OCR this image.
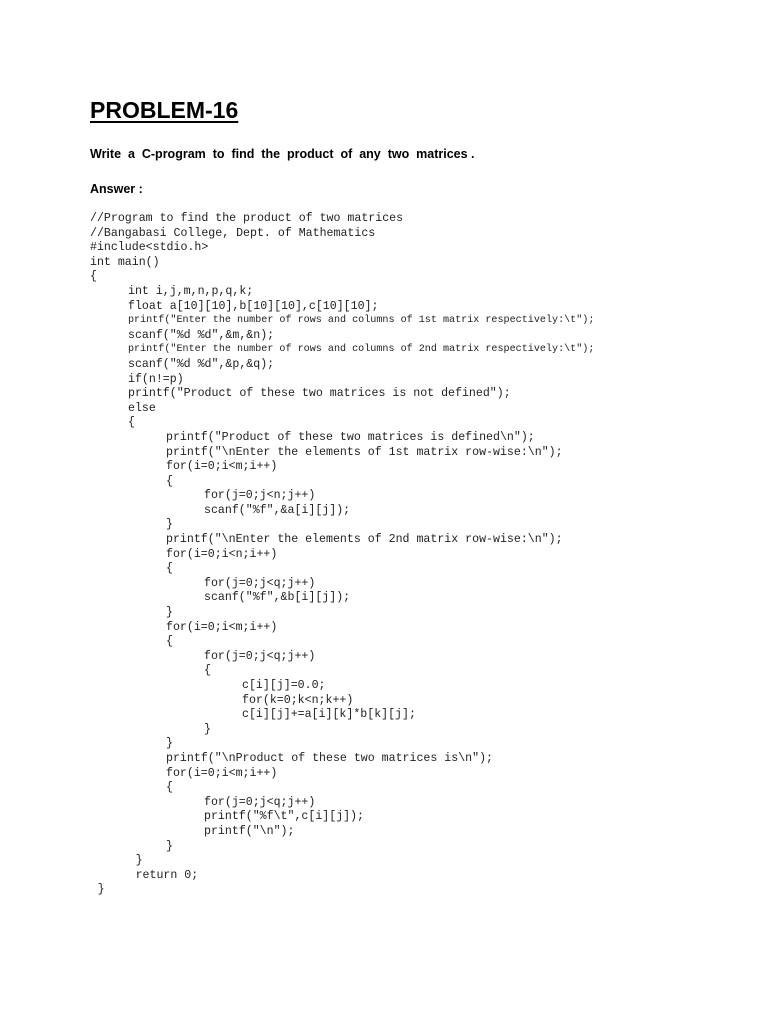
PROBLEM-16

Write  a  C-program  to  find  the  product  of  any  two  matrices .

Answer :

//Program to find the product of two matrices
//Bangabasi College, Dept. of Mathematics
#include<stdio.h>
int main()
{
int i,j,m,n,p,q,k;
float a[10][10],b[10][10],c[10][10];
printf("Enter the number of rows and columns of 1st matrix respectively:\t");
scanf("%d %d",&m,&n);
printf("Enter the number of rows and columns of 2nd matrix respectively:\t");
scanf("%d %d",&p,&q);
if(n!=p)
printf("Product of these two matrices is not defined");
else
{
printf("Product of these two matrices is defined\n");
printf("\nEnter the elements of 1st matrix row-wise:\n");
for(i=0;i<m;i++)
{
for(j=0;j<n;j++)
scanf("%f",&a[i][j]);
}
printf("\nEnter the elements of 2nd matrix row-wise:\n");
for(i=0;i<n;i++)
{
for(j=0;j<q;j++)
scanf("%f",&b[i][j]);
}
for(i=0;i<m;i++)
{
for(j=0;j<q;j++)
{
c[i][j]=0.0;
for(k=0;k<n;k++)
c[i][j]+=a[i][k]*b[k][j];
}
}
printf("\nProduct of these two matrices is\n");
for(i=0;i<m;i++)
{
for(j=0;j<q;j++)
printf("%f\t",c[i][j]);
printf("\n");
}
}
return 0;
}
